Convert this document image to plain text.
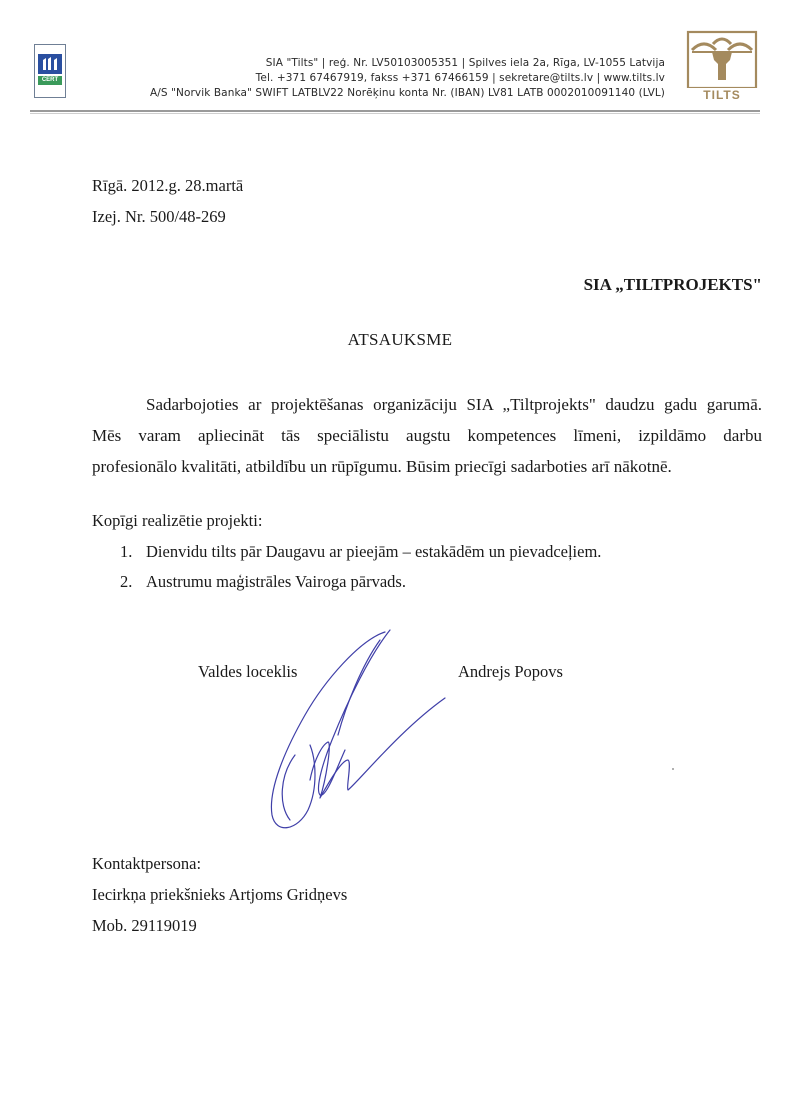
CERT
SIA "Tilts" | reģ. Nr. LV50103005351 | Spilves iela 2a, Rīga, LV-1055 Latvija
Tel. +371 67467919, fakss +371 67466159 | sekretare@tilts.lv | www.tilts.lv
A/S "Norvik Banka" SWIFT LATBLV22 Norēķinu konta Nr. (IBAN) LV81 LATB 0002010091140 (LVL)	TILTS
Rīgā. 2012.g. 28.martā
Izej. Nr. 500/48-269
SIA „TILTPROJEKTS"
ATSAUKSME
Sadarbojoties ar projektēšanas organizāciju SIA „Tiltprojekts" daudzu gadu garumā.
Mēs varam apliecināt tās speciālistu augstu kompetences līmeni, izpildāmo darbu
profesionālo kvalitāti, atbildību un rūpīgumu. Būsim priecīgi sadarboties arī nākotnē.
Kopīgi realizētie projekti:
1. Dienvidu tilts pār Daugavu ar pieejām – estakādēm un pievadceļiem.
2. Austrumu maģistrāles Vairoga pārvads.
Valdes loceklis	Andrejs Popovs
Kontaktpersona:
Iecirkņa priekšnieks Artjoms Gridņevs
Mob. 29119019
